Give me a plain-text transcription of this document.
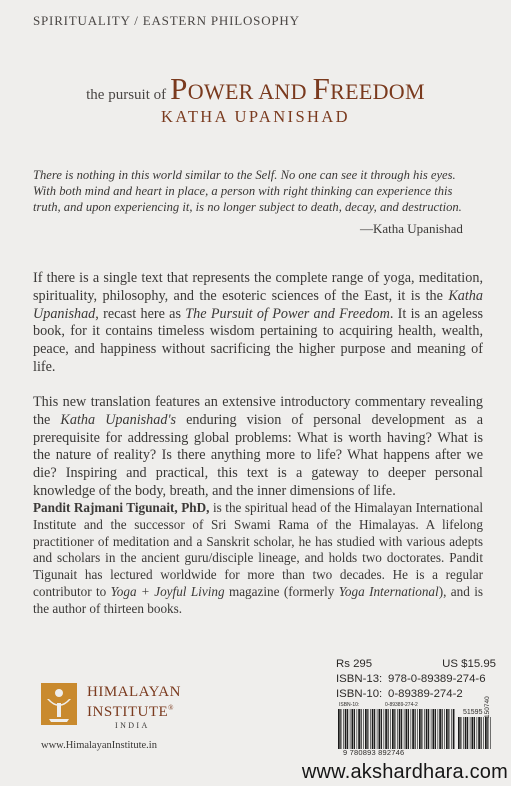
SPIRITUALITY / EASTERN PHILOSOPHY
the pursuit of POWER AND FREEDOM
KATHA UPANISHAD
There is nothing in this world similar to the Self. No one can see it through his eyes. With both mind and heart in place, a person with right thinking can experience this truth, and upon experiencing it, is no longer subject to death, decay, and destruction.
—Katha Upanishad
If there is a single text that represents the complete range of yoga, meditation, spirituality, philosophy, and the esoteric sciences of the East, it is the Katha Upanishad, recast here as The Pursuit of Power and Freedom. It is an ageless book, for it contains timeless wisdom pertaining to acquiring health, wealth, peace, and happiness without sacrificing the higher purpose and meaning of life.
This new translation features an extensive introductory commentary revealing the Katha Upanishad's enduring vision of personal development as a prerequisite for addressing global problems: What is worth having? What is the nature of reality? Is there anything more to life? What happens after we die? Inspiring and practical, this text is a gateway to deeper personal knowledge of the body, breath, and the inner dimensions of life.
Pandit Rajmani Tigunait, PhD, is the spiritual head of the Himalayan International Institute and the successor of Sri Swami Rama of the Himalayas. A lifelong practitioner of meditation and a Sanskrit scholar, he has studied with various adepts and scholars in the ancient guru/disciple lineage, and holds two doctorates. Pandit Tigunait has lectured worldwide for more than two decades. He is a regular contributor to Yoga + Joyful Living magazine (formerly Yoga International), and is the author of thirteen books.
Rs 295	US $15.95
ISBN-13: 978-0-89389-274-6
ISBN-10: 0-89389-274-2
ISBN-10:	0-89389-274-2
51595
9 780893 892746
150740
HIMALAYAN
INSTITUTE®
INDIA
www.HimalayanInstitute.in
www.akshardhara.com
